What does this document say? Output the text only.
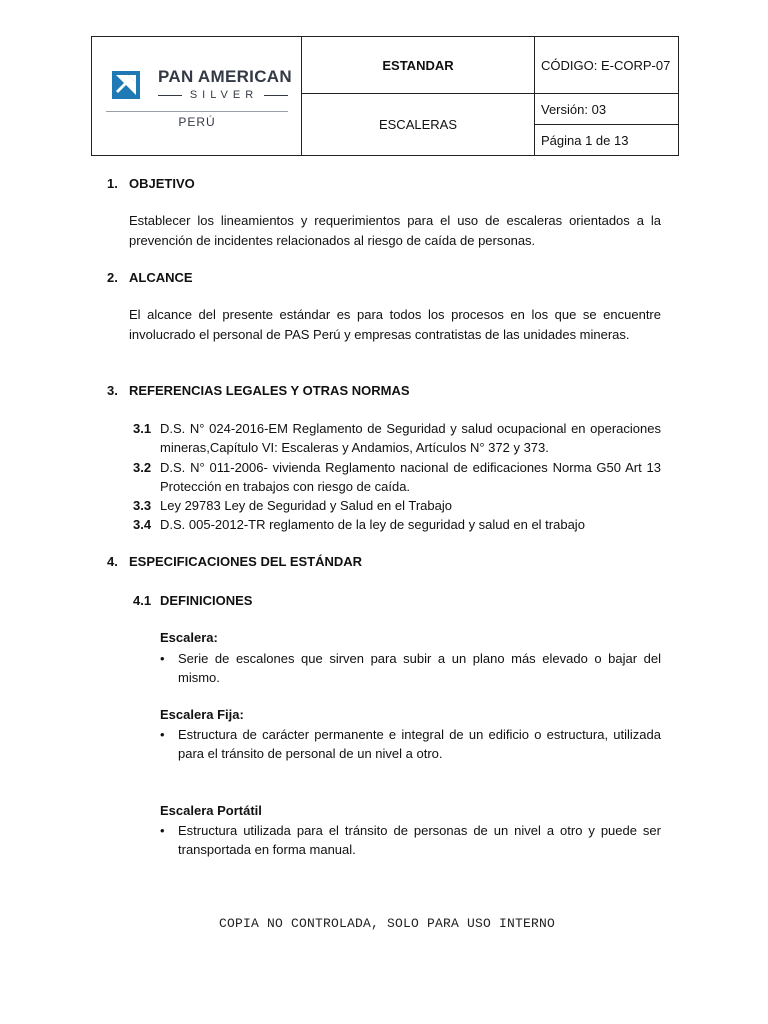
PAN AMERICAN
SILVER
PERÚ
ESTANDAR
ESCALERAS
CÓDIGO: E-CORP-07
Versión: 03
Página 1 de 13
1. OBJETIVO
Establecer los lineamientos y requerimientos para el uso de escaleras orientados a la prevención de incidentes relacionados al riesgo de caída de personas.
2. ALCANCE
El alcance del presente estándar es para todos los procesos en los que se encuentre involucrado el personal de PAS Perú y empresas contratistas de las unidades mineras.
3. REFERENCIAS LEGALES Y OTRAS NORMAS
3.1 D.S. N° 024-2016-EM Reglamento de Seguridad y salud ocupacional en operaciones mineras,Capítulo VI: Escaleras y Andamios, Artículos N° 372 y 373.
3.2 D.S. N° 011-2006- vivienda Reglamento nacional de edificaciones Norma G50 Art 13 Protección en trabajos con riesgo de caída.
3.3 Ley 29783 Ley de Seguridad y Salud en el Trabajo
3.4 D.S. 005-2012-TR reglamento de la ley de seguridad y salud en el trabajo
4. ESPECIFICACIONES DEL ESTÁNDAR
4.1 DEFINICIONES
Escalera:
• Serie de escalones que sirven para subir a un plano más elevado o bajar del mismo.
Escalera Fija:
• Estructura de carácter permanente e integral de un edificio o estructura, utilizada para el tránsito de personal de un nivel a otro.
Escalera Portátil
• Estructura utilizada para el tránsito de personas de un nivel a otro y puede ser transportada en forma manual.
COPIA NO CONTROLADA, SOLO PARA USO INTERNO
